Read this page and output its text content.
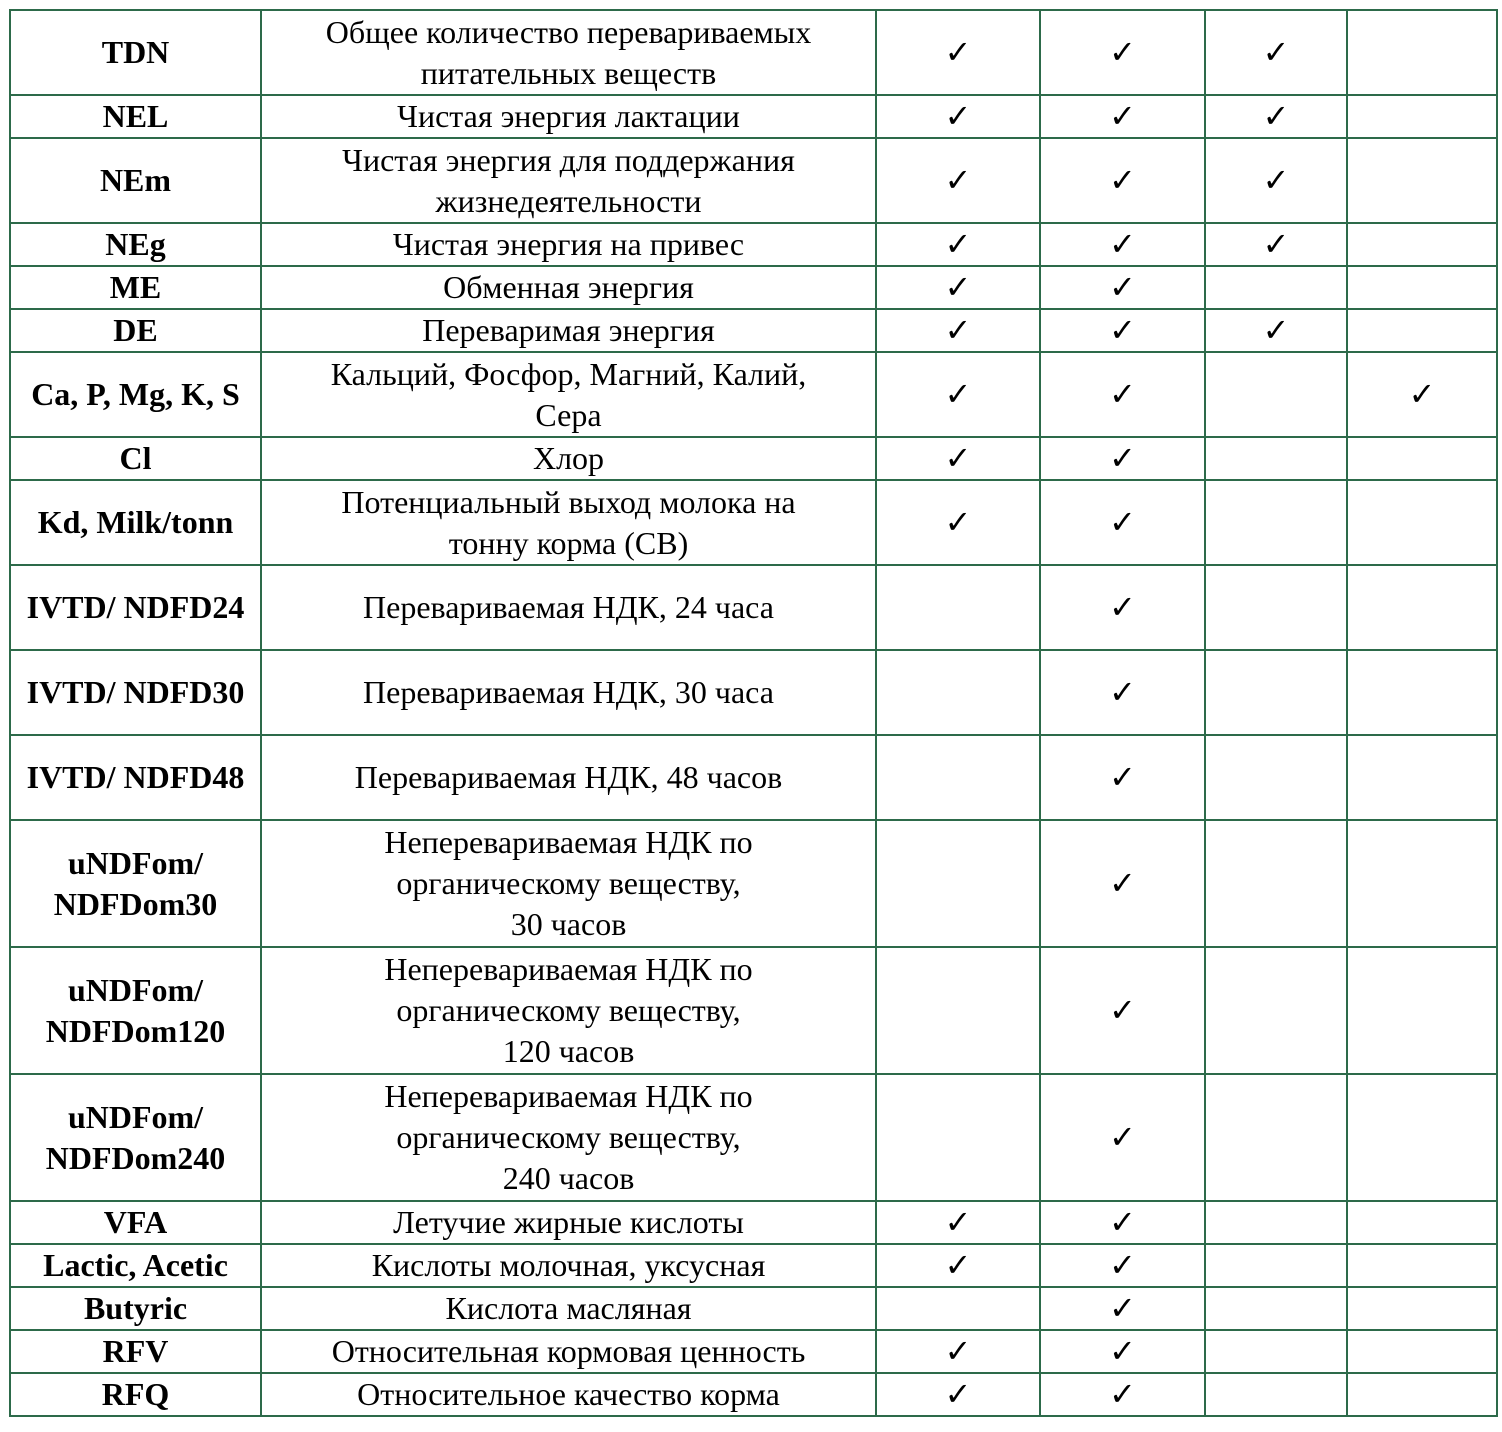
TDN	Общее количество перевариваемых
питательных веществ	✓	✓	✓	
NEL	Чистая энергия лактации	✓	✓	✓	
NEm	Чистая энергия для поддержания
жизнедеятельности	✓	✓	✓	
NEg	Чистая энергия на привес	✓	✓	✓	
ME	Обменная энергия	✓	✓		
DE	Переваримая энергия	✓	✓	✓	
Ca, P, Mg, K, S	Кальций, Фосфор, Магний, Калий,
Сера	✓	✓		✓
Cl	Хлор	✓	✓		
Kd, Milk/tonn	Потенциальный выход молока на
тонну корма (СВ)	✓	✓		
IVTD/ NDFD24	Перевариваемая НДК, 24 часа		✓		
IVTD/ NDFD30	Перевариваемая НДК, 30 часа		✓		
IVTD/ NDFD48	Перевариваемая НДК, 48 часов		✓		
uNDFom/ NDFDom30	Неперевариваемая НДК по
органическому веществу,
30 часов		✓		
uNDFom/ NDFDom120	Неперевариваемая НДК по
органическому веществу,
120 часов		✓		
uNDFom/ NDFDom240	Неперевариваемая НДК по
органическому веществу,
240 часов		✓		
VFA	Летучие жирные кислоты	✓	✓		
Lactic, Acetic	Кислоты молочная, уксусная	✓	✓		
Butyric	Кислота масляная		✓		
RFV	Относительная кормовая ценность	✓	✓		
RFQ	Относительное качество корма	✓	✓		
